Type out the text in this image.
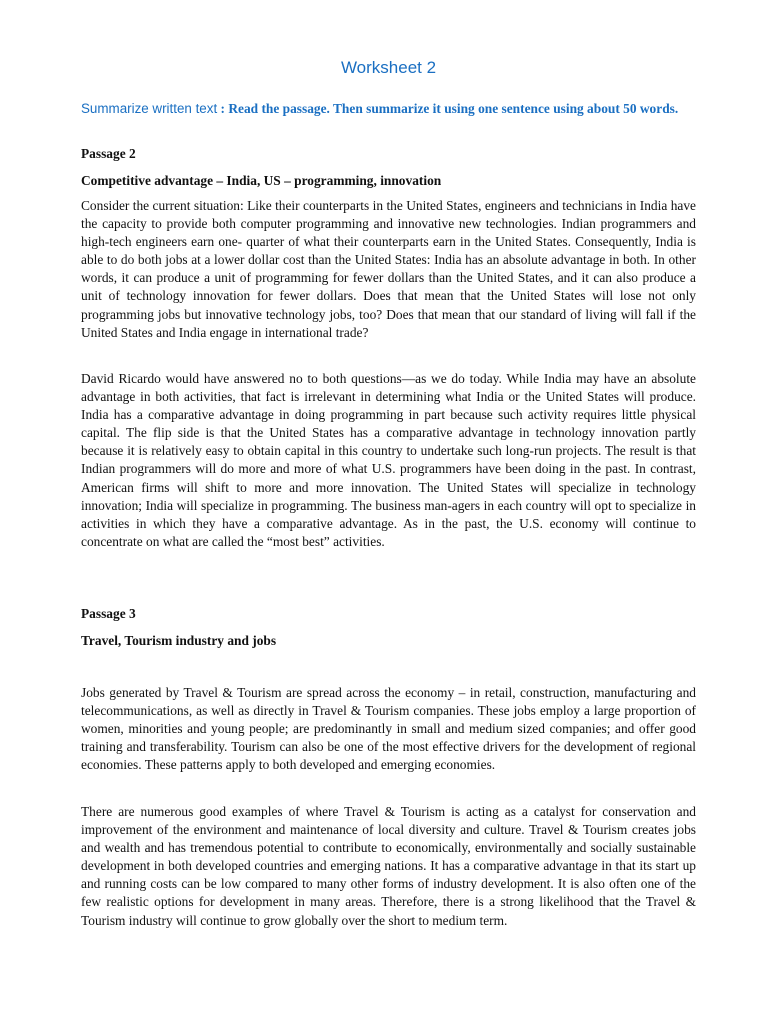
Worksheet 2

Summarize written text : Read the passage. Then summarize it using one sentence using about 50 words.

Passage 2

Competitive advantage – India, US – programming, innovation

Consider the current situation: Like their counterparts in the United States, engineers and technicians in India have the capacity to provide both computer programming and innovative new technologies. Indian programmers and high-tech engineers earn one- quarter of what their counterparts earn in the United States. Consequently, India is able to do both jobs at a lower dollar cost than the United States: India has an absolute advantage in both. In other words, it can produce a unit of programming for fewer dollars than the United States, and it can also produce a unit of technology innovation for fewer dollars. Does that mean that the United States will lose not only programming jobs but innovative technology jobs, too? Does that mean that our standard of living will fall if the United States and India engage in international trade?

David Ricardo would have answered no to both questions—as we do today. While India may have an absolute advantage in both activities, that fact is irrelevant in determining what India or the United States will produce. India has a comparative advantage in doing programming in part because such activity requires little physical capital. The flip side is that the United States has a comparative advantage in technology innovation partly because it is relatively easy to obtain capital in this country to undertake such long-run projects. The result is that Indian programmers will do more and more of what U.S. programmers have been doing in the past. In contrast, American firms will shift to more and more innovation. The United States will specialize in technology innovation; India will specialize in programming. The business man-agers in each country will opt to specialize in activities in which they have a comparative advantage. As in the past, the U.S. economy will continue to concentrate on what are called the “most best” activities.

Passage 3

Travel, Tourism industry and jobs

Jobs generated by Travel & Tourism are spread across the economy – in retail, construction, manufacturing and telecommunications, as well as directly in Travel & Tourism companies. These jobs employ a large proportion of women, minorities and young people; are predominantly in small and medium sized companies; and offer good training and transferability. Tourism can also be one of the most effective drivers for the development of regional economies. These patterns apply to both developed and emerging economies.

There are numerous good examples of where Travel & Tourism is acting as a catalyst for conservation and improvement of the environment and maintenance of local diversity and culture. Travel & Tourism creates jobs and wealth and has tremendous potential to contribute to economically, environmentally and socially sustainable development in both developed countries and emerging nations. It has a comparative advantage in that its start up and running costs can be low compared to many other forms of industry development. It is also often one of the few realistic options for development in many areas. Therefore, there is a strong likelihood that the Travel & Tourism industry will continue to grow globally over the short to medium term.
